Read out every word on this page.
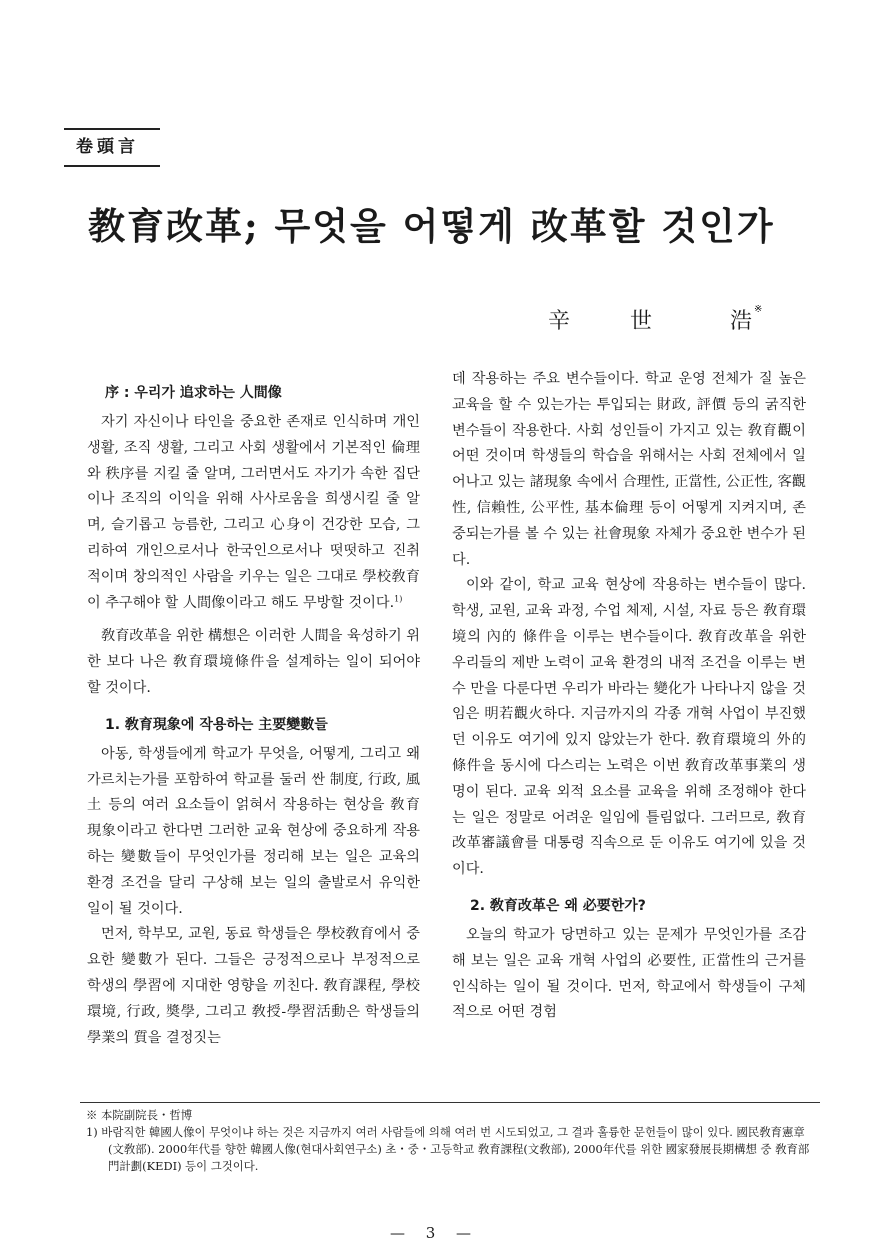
卷頭言
教育改革; 무엇을 어떻게 改革할 것인가
辛	世	浩 ※
序 : 우리가 追求하는 人間像

자기 자신이나 타인을 중요한 존재로 인식하며 개인 생활, 조직 생활, 그리고 사회 생활에서 기본적인 倫理와 秩序를 지킬 줄 알며, 그러면서도 자기가 속한 집단이나 조직의 이익을 위해 사사로움을 희생시킬 줄 알며, 슬기롭고 능름한, 그리고 心身이 건강한 모습, 그리하여 개인으로서나 한국인으로서나 떳떳하고 진취적이며 창의적인 사람을 키우는 일은 그대로 學校敎育이 추구해야 할 人間像이라고 해도 무방할 것이다.$^{1)}$

敎育改革을 위한 構想은 이러한 人間을 육성하기 위한 보다 나은 敎育環境條件을 설계하는 일이 되어야 할 것이다.

1. 敎育現象에 작용하는 主要變數들

아동, 학생들에게 학교가 무엇을, 어떻게, 그리고 왜 가르치는가를 포함하여 학교를 둘러 싼 制度, 行政, 風土 등의 여러 요소들이 얽혀서 작용하는 현상을 敎育現象이라고 한다면 그러한 교육 현상에 중요하게 작용하는 變數들이 무엇인가를 정리해 보는 일은 교육의 환경 조건을 달리 구상해 보는 일의 출발로서 유익한 일이 될 것이다.

먼저, 학부모, 교원, 동료 학생들은 學校敎育에서 중요한 變數가 된다. 그들은 긍정적으로나 부정적으로 학생의 學習에 지대한 영향을 끼친다. 敎育課程, 學校環境, 行政, 奬學, 그리고 敎授-學習活動은 학생들의 學業의 質을 결정짓는

데 작용하는 주요 변수들이다. 학교 운영 전체가 질 높은 교육을 할 수 있는가는 투입되는 財政, 評價 등의 굵직한 변수들이 작용한다. 사회 성인들이 가지고 있는 敎育觀이 어떤 것이며 학생들의 학습을 위해서는 사회 전체에서 일어나고 있는 諸現象 속에서 合理性, 正當性, 公正性, 客觀性, 信賴性, 公平性, 基本倫理 등이 어떻게 지켜지며, 존중되는가를 볼 수 있는 社會現象 자체가 중요한 변수가 된다.

이와 같이, 학교 교육 현상에 작용하는 변수들이 많다. 학생, 교원, 교육 과정, 수업 체제, 시설, 자료 등은 敎育環境의 內的 條件을 이루는 변수들이다. 敎育改革을 위한 우리들의 제반 노력이 교육 환경의 내적 조건을 이루는 변수 만을 다룬다면 우리가 바라는 變化가 나타나지 않을 것임은 明若觀火하다. 지금까지의 각종 개혁 사업이 부진했던 이유도 여기에 있지 않았는가 한다. 敎育環境의 外的 條件을 동시에 다스리는 노력은 이번 敎育改革事業의 생명이 된다. 교육 외적 요소를 교육을 위해 조정해야 한다는 일은 정말로 어려운 일임에 틀림없다. 그러므로, 敎育改革審議會를 대통령 직속으로 둔 이유도 여기에 있을 것이다.

2. 敎育改革은 왜 必要한가?

오늘의 학교가 당면하고 있는 문제가 무엇인가를 조감해 보는 일은 교육 개혁 사업의 必要性, 正當性의 근거를 인식하는 일이 될 것이다. 먼저, 학교에서 학생들이 구체적으로 어떤 경험

※ 本院副院長・哲博
1) 바람직한 韓國人像이 무엇이냐 하는 것은 지금까지 여러 사람들에 의해 여러 번 시도되었고, 그 결과 훌륭한 문헌들이 많이 있다. 國民敎育憲章(文敎部). 2000年代를 향한 韓國人像(현대사회연구소) 초・중・고등학교 敎育課程(文敎部), 2000年代를 위한 國家發展長期構想 중 敎育部門計劃(KEDI) 등이 그것이다.
— 3 —
